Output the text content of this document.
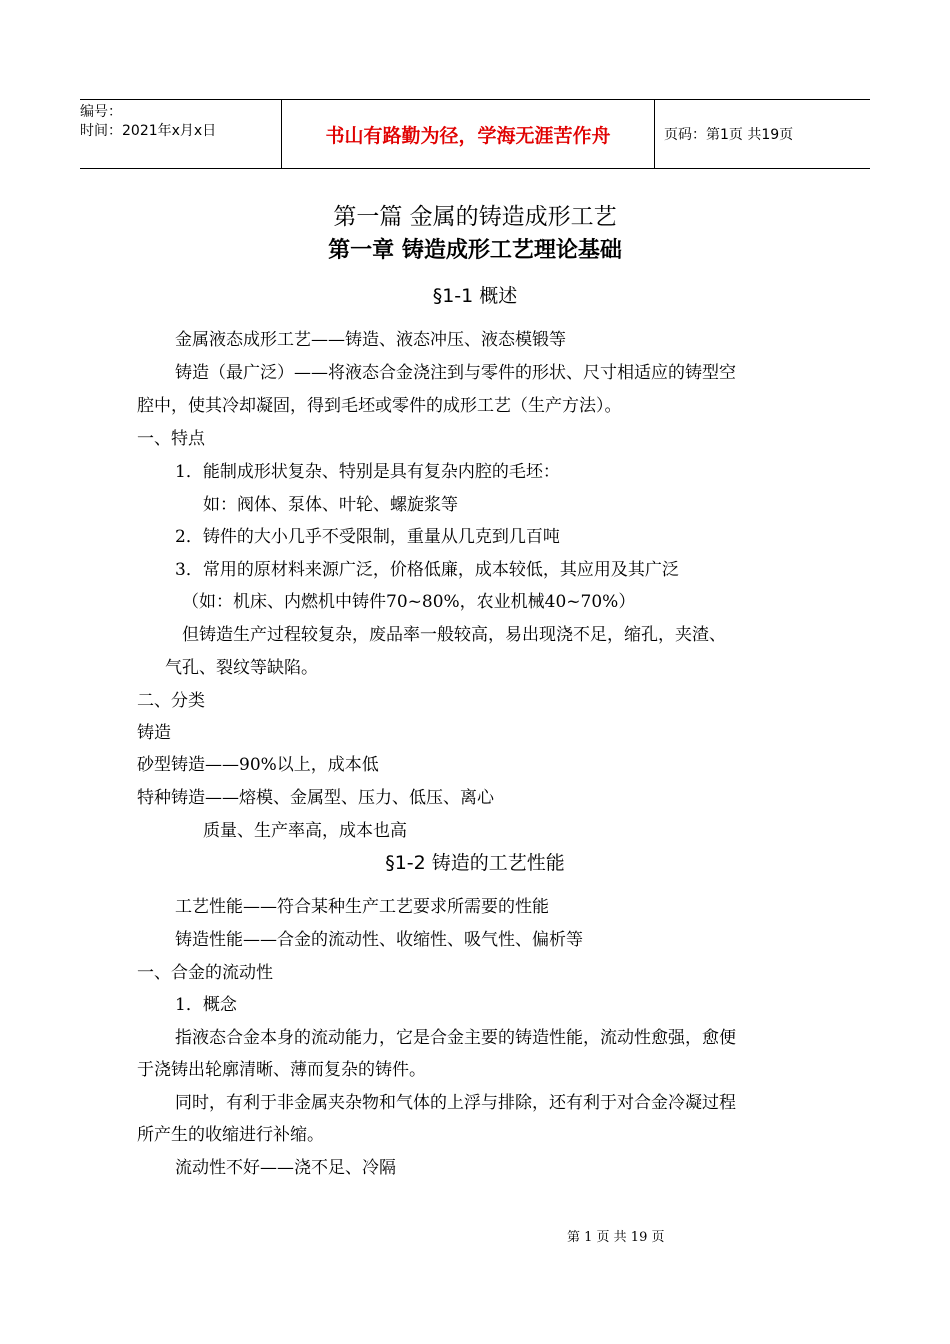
编号：
时间：2021年x月x日	书山有路勤为径，学海无涯苦作舟	页码：第1页 共19页
第一篇 金属的铸造成形工艺
第一章 铸造成形工艺理论基础
§1-1 概述
金属液态成形工艺——铸造、液态冲压、液态模锻等
铸造（最广泛）——将液态合金浇注到与零件的形状、尺寸相适应的铸型空
腔中，使其冷却凝固，得到毛坯或零件的成形工艺（生产方法）。
一、特点
1．能制成形状复杂、特别是具有复杂内腔的毛坯：
如：阀体、泵体、叶轮、螺旋浆等
2．铸件的大小几乎不受限制，重量从几克到几百吨
3．常用的原材料来源广泛，价格低廉，成本较低，其应用及其广泛
（如：机床、内燃机中铸件70~80%，农业机械40~70%）
但铸造生产过程较复杂，废品率一般较高，易出现浇不足，缩孔，夹渣、
气孔、裂纹等缺陷。
二、分类
铸造
砂型铸造——90%以上，成本低
特种铸造——熔模、金属型、压力、低压、离心
质量、生产率高，成本也高
§1-2 铸造的工艺性能
工艺性能——符合某种生产工艺要求所需要的性能
铸造性能——合金的流动性、收缩性、吸气性、偏析等
一、合金的流动性
1．概念
指液态合金本身的流动能力，它是合金主要的铸造性能，流动性愈强，愈便
于浇铸出轮廓清晰、薄而复杂的铸件。
同时，有利于非金属夹杂物和气体的上浮与排除，还有利于对合金冷凝过程
所产生的收缩进行补缩。
流动性不好——浇不足、冷隔
第 1 页 共 19 页
